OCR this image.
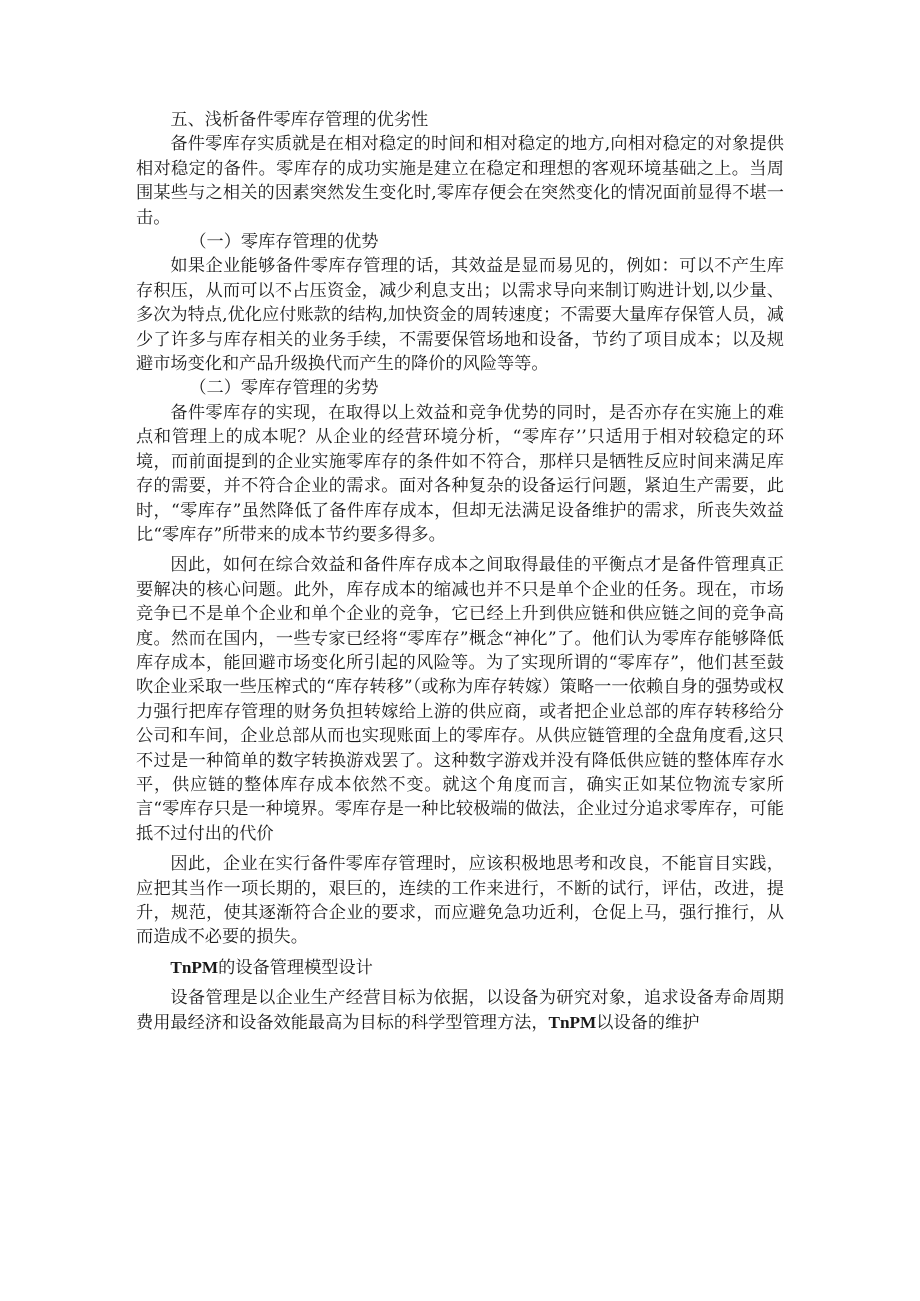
五、浅析备件零库存管理的优劣性

备件零库存实质就是在相对稳定的时间和相对稳定的地方,向相对稳定的对象提供相对稳定的备件。零库存的成功实施是建立在稳定和理想的客观环境基础之上。当周围某些与之相关的因素突然发生变化时,零库存便会在突然变化的情况面前显得不堪一击。

（一）零库存管理的优势

如果企业能够备件零库存管理的话，其效益是显而易见的，例如：可以不产生库存积压，从而可以不占压资金，减少利息支出；以需求导向来制订购进计划,以少量、多次为特点,优化应付账款的结构,加快资金的周转速度；不需要大量库存保管人员，减少了许多与库存相关的业务手续，不需要保管场地和设备，节约了项目成本；以及规避市场变化和产品升级换代而产生的降价的风险等等。

（二）零库存管理的劣势

备件零库存的实现，在取得以上效益和竞争优势的同时，是否亦存在实施上的难点和管理上的成本呢？从企业的经营环境分析，“零库存’’只适用于相对较稳定的环境，而前面提到的企业实施零库存的条件如不符合，那样只是牺牲反应时间来满足库存的需要，并不符合企业的需求。面对各种复杂的设备运行问题，紧迫生产需要，此时，“零库存”虽然降低了备件库存成本，但却无法满足设备维护的需求，所丧失效益比“零库存”所带来的成本节约要多得多。

因此，如何在综合效益和备件库存成本之间取得最佳的平衡点才是备件管理真正要解决的核心问题。此外，库存成本的缩减也并不只是单个企业的任务。现在，市场竞争已不是单个企业和单个企业的竞争，它已经上升到供应链和供应链之间的竞争高度。然而在国内，一些专家已经将“零库存”概念“神化”了。他们认为零库存能够降低库存成本，能回避市场变化所引起的风险等。为了实现所谓的“零库存”，他们甚至鼓吹企业采取一些压榨式的“库存转移”（或称为库存转嫁）策略一一依赖自身的强势或权力强行把库存管理的财务负担转嫁给上游的供应商，或者把企业总部的库存转移给分公司和车间，企业总部从而也实现账面上的零库存。从供应链管理的全盘角度看,这只不过是一种简单的数字转换游戏罢了。这种数字游戏并没有降低供应链的整体库存水平，供应链的整体库存成本依然不变。就这个角度而言，确实正如某位物流专家所言“零库存只是一种境界。零库存是一种比较极端的做法，企业过分追求零库存，可能抵不过付出的代价

因此，企业在实行备件零库存管理时，应该积极地思考和改良，不能盲目实践，应把其当作一项长期的，艰巨的，连续的工作来进行，不断的试行，评估，改进，提升，规范，使其逐渐符合企业的要求，而应避免急功近利，仓促上马，强行推行，从而造成不必要的损失。

TnPM的设备管理模型设计

设备管理是以企业生产经营目标为依据，以设备为研究对象，追求设备寿命周期费用最经济和设备效能最高为目标的科学型管理方法，TnPM以设备的维护
